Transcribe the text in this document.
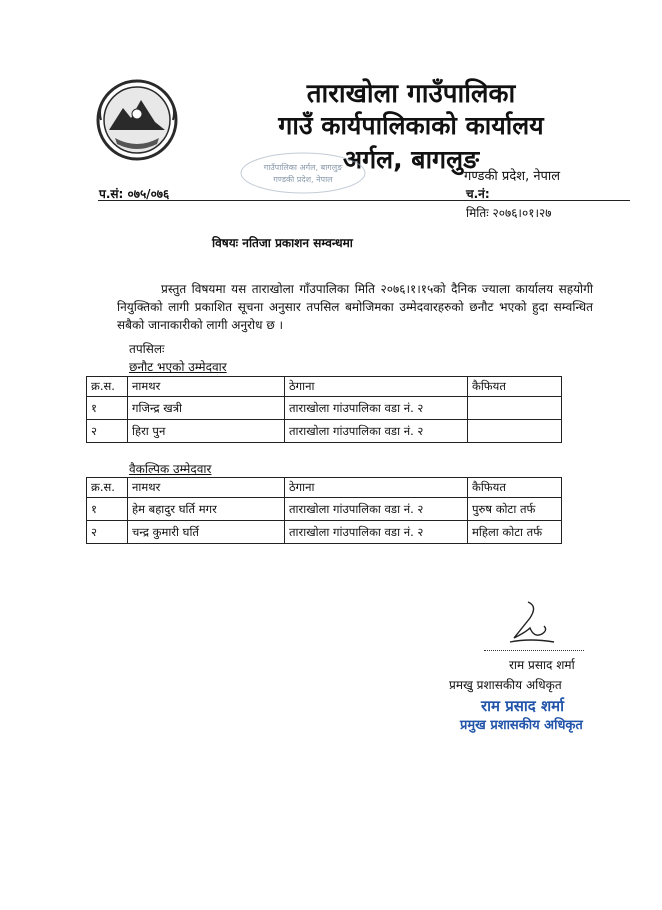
ताराखोला गाउँपालिका
गाउँ कार्यपालिकाको कार्यालय
अर्गल, बागलुङ
गाउँपालिका अर्गल, बागलुङ
गण्डकी प्रदेश, नेपाल	गण्डकी प्रदेश, नेपाल
प.सं: ०७५/०७६	च.नं:
मितिः २०७६।०१।२७
विषयः नतिजा प्रकाशन सम्वन्धमा
प्रस्तुत विषयमा यस ताराखोला गाँउपालिका मिति २०७६।१।१५को दैनिक ज्याला कार्यालय सहयोगी नियुक्तिको लागी प्रकाशित सूचना अनुसार तपसिल बमोजिमका उम्मेदवारहरुको छनौट भएको हुदा सम्वन्धित सबैको जानाकारीको लागी अनुरोध छ ।
तपसिलः
छनौट भएको उम्मेदवार
क्र.स.	नामथर	ठेगाना	कैफियत
१	गजिन्द्र खत्री	ताराखोला गांउपालिका वडा नं. २	
२	हिरा पुन	ताराखोला गांउपालिका वडा नं. २	
वैकल्पिक उम्मेदवार
क्र.स.	नामथर	ठेगाना	कैफियत
१	हेम बहादुर घर्ति मगर	ताराखोला गांउपालिका वडा नं. २	पुरुष कोटा तर्फ
२	चन्द्र कुमारी घर्ति	ताराखोला गांउपालिका वडा नं. २	महिला कोटा तर्फ
राम प्रसाद शर्मा
प्रमखु प्रशासकीय अधिकृत
राम प्रसाद शर्मा
प्रमुख प्रशासकीय अधिकृत
